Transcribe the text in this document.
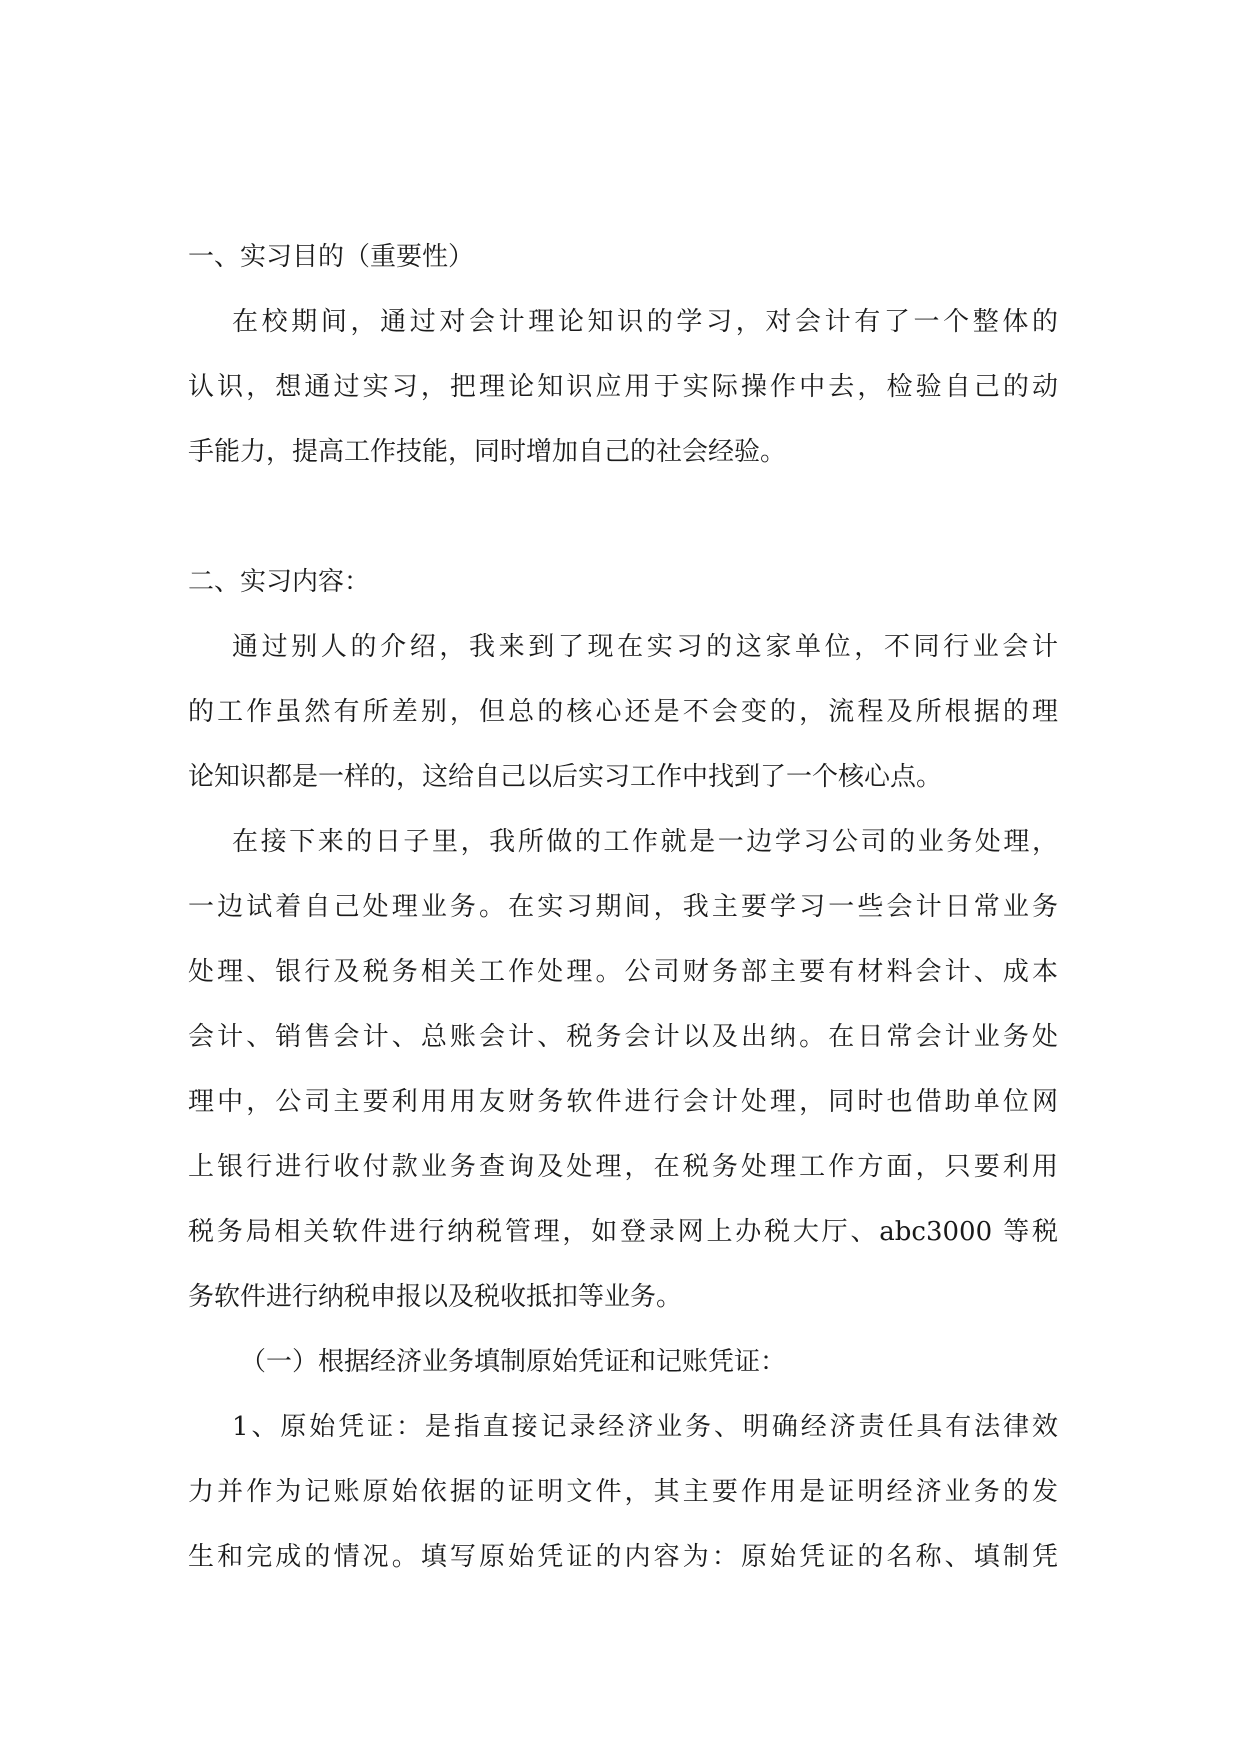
一、实习目的（重要性）
在校期间，通过对会计理论知识的学习，对会计有了一个整体的
认识，想通过实习，把理论知识应用于实际操作中去，检验自己的动
手能力，提高工作技能，同时增加自己的社会经验。
二、实习内容：
通过别人的介绍，我来到了现在实习的这家单位，不同行业会计
的工作虽然有所差别，但总的核心还是不会变的，流程及所根据的理
论知识都是一样的，这给自己以后实习工作中找到了一个核心点。
在接下来的日子里，我所做的工作就是一边学习公司的业务处理，
一边试着自己处理业务。在实习期间，我主要学习一些会计日常业务
处理、银行及税务相关工作处理。公司财务部主要有材料会计、成本
会计、销售会计、总账会计、税务会计以及出纳。在日常会计业务处
理中，公司主要利用用友财务软件进行会计处理，同时也借助单位网
上银行进行收付款业务查询及处理，在税务处理工作方面，只要利用
税务局相关软件进行纳税管理，如登录网上办税大厅、abc3000 等税
务软件进行纳税申报以及税收抵扣等业务。
（一）根据经济业务填制原始凭证和记账凭证：
1、原始凭证：是指直接记录经济业务、明确经济责任具有法律效
力并作为记账原始依据的证明文件，其主要作用是证明经济业务的发
生和完成的情况。填写原始凭证的内容为：原始凭证的名称、填制凭
